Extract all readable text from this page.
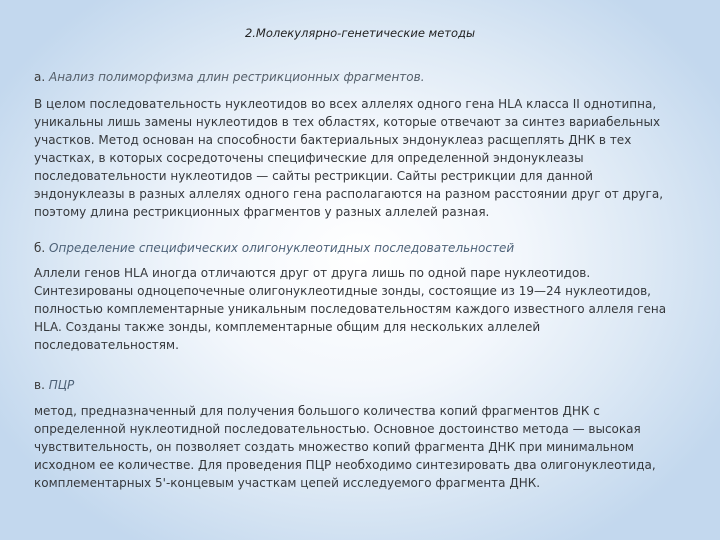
2.Молекулярно-генетические методы
а. Анализ полиморфизма длин рестрикционных фрагментов.
В целом последовательность нуклеотидов во всех аллелях одного гена HLA класса II однотипна,
уникальны лишь замены нуклеотидов в тех областях, которые отвечают за синтез вариабельных
участков. Метод основан на способности бактериальных эндонуклеаз расщеплять ДНК в тех
участках, в которых сосредоточены специфические для определенной эндонуклеазы
последовательности нуклеотидов — сайты рестрикции. Сайты рестрикции для данной
эндонуклеазы в разных аллелях одного гена располагаются на разном расстоянии друг от друга,
поэтому длина рестрикционных фрагментов у разных аллелей разная.
б. Определение специфических олигонуклеотидных последовательностей
Аллели генов HLA иногда отличаются друг от друга лишь по одной паре нуклеотидов.
Синтезированы одноцепочечные олигонуклеотидные зонды, состоящие из 19—24 нуклеотидов,
полностью комплементарные уникальным последовательностям каждого известного аллеля гена
HLA. Созданы также зонды, комплементарные общим для нескольких аллелей
последовательностям.
в. ПЦР
метод, предназначенный для получения большого количества копий фрагментов ДНК с
определенной нуклеотидной последовательностью. Основное достоинство метода — высокая
чувствительность, он позволяет создать множество копий фрагмента ДНК при минимальном
исходном ее количестве. Для проведения ПЦР необходимо синтезировать два олигонуклеотида,
комплементарных 5'-концевым участкам цепей исследуемого фрагмента ДНК.
